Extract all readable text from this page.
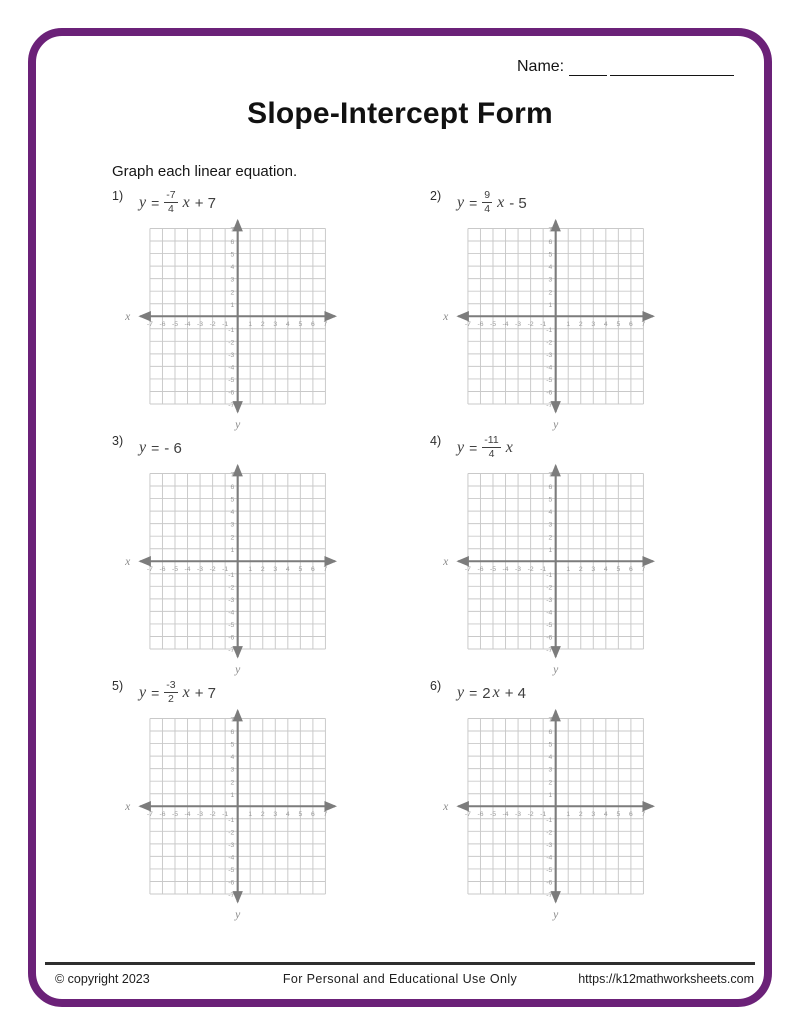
Name:
Slope-Intercept Form
Graph each linear equation.
1) $y = \frac{-7}{4}$ x + 7
-7
7
-6
6
-5
5
-4
4
-3
3
-2
2
-1
1
1
-1
2
-2
3
-3
4
-4
5
-5
6
-6
7
-7
x
y
2) $y = \frac{9}{4}$ x - 5
-7
7
-6
6
-5
5
-4
4
-3
3
-2
2
-1
1
1
-1
2
-2
3
-3
4
-4
5
-5
6
-6
7
-7
x
y
3) y = - 6
-7
7
-6
6
-5
5
-4
4
-3
3
-2
2
-1
1
1
-1
2
-2
3
-3
4
-4
5
-5
6
-6
7
-7
x
y
4) $y = \frac{-11}{4}$ x
-7
7
-6
6
-5
5
-4
4
-3
3
-2
2
-1
1
1
-1
2
-2
3
-3
4
-4
5
-5
6
-6
7
-7
x
y
5) $y = \frac{-3}{2}$ x + 7
-7
7
-6
6
-5
5
-4
4
-3
3
-2
2
-1
1
1
-1
2
-2
3
-3
4
-4
5
-5
6
-6
7
-7
x
y
6) y = 2 x + 4
-7
7
-6
6
-5
5
-4
4
-3
3
-2
2
-1
1
1
-1
2
-2
3
-3
4
-4
5
-5
6
-6
7
-7
x
y
© copyright 2023	For Personal and Educational Use Only	https://k12mathworksheets.com
